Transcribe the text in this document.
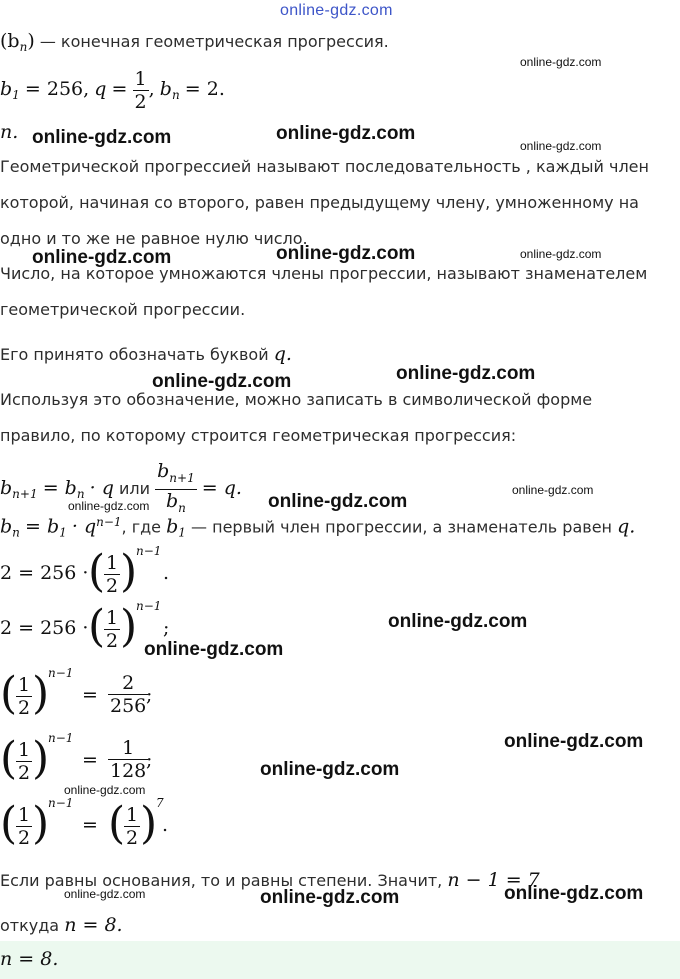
online-gdz.com
$(b_n)$ — конечная геометрическая прогрессия.
$b_1 = 256$, $q = \frac{1}{2}$ , $b_n = 2$.
n.
Геометрической прогрессией называют последовательность , каждый член
которой, начиная со второго, равен предыдущему члену, умноженному на
одно и то же не равное нулю число.
Число, на которое умножаются члены прогрессии, называют знаменателем
геометрической прогрессии.
Его принято обозначать буквой q.
Используя это обозначение, можно записать в символической форме
правило, по которому строится геометрическая прогрессия:
$b_{n+1} = b_n \cdot q$ или $\frac{b_{n+1}}{b_n} = q$.
$b_n = b_1 \cdot q^{n-1}$, где $b_1$ — первый член прогрессии, а знаменатель равен q.
2 = 256 · (
$\frac{1}{2}$ )
n−1
.
2 = 256 · (
$\frac{1}{2}$ )
n−1
;
(
$\frac{1}{2}$ )
n−1
= $\frac{2}{256}$
;
(
$\frac{1}{2}$ )
n−1
= $\frac{1}{128}$
;
(
$\frac{1}{2}$ )
n−1
= (
$\frac{1}{2}$ )
7
.
Если равны основания, то и равны степени. Значит, n − 1 = 7
откуда n = 8.
n = 8.
online-gdz.com	online-gdz.com
online-gdz.com	online-gdz.com
online-gdz.com	online-gdz.com
online-gdz.com
online-gdz.com
online-gdz.com
online-gdz.com
online-gdz.com
online-gdz.com
online-gdz.com
online-gdz.com
online-gdz.com
online-gdz.com
online-gdz.com
online-gdz.com
online-gdz.com
online-gdz.com
